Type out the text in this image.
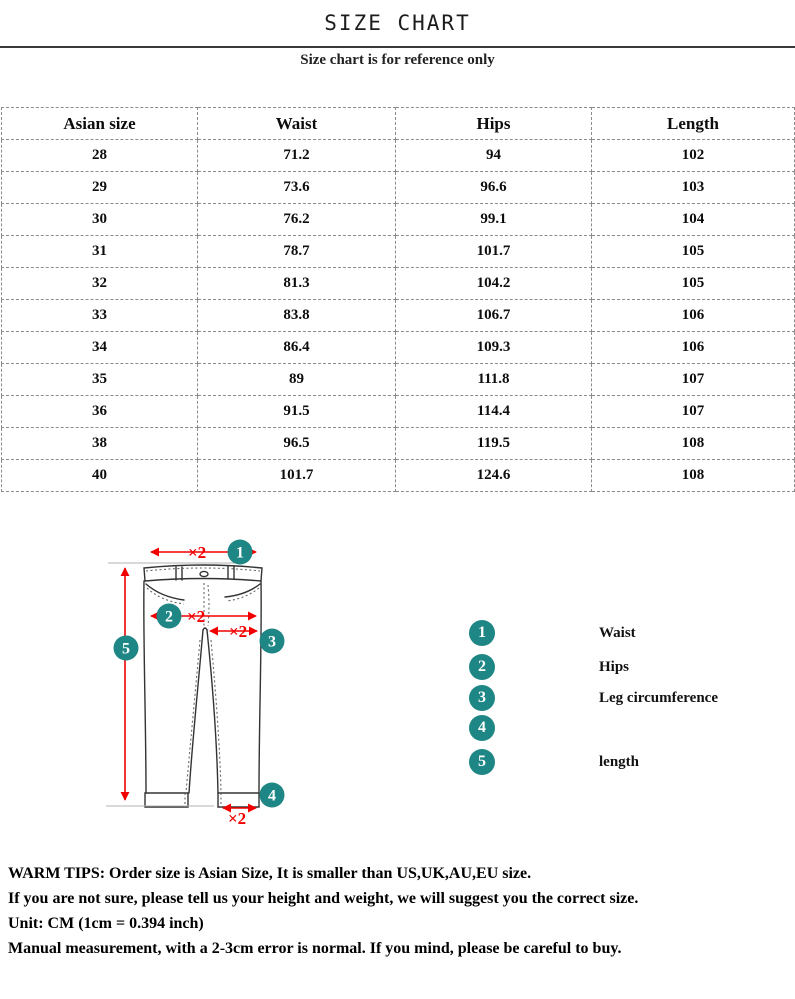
SIZE CHART
Size chart is for reference only
Asian size	Waist	Hips	Length
28	71.2	94	102
29	73.6	96.6	103
30	76.2	99.1	104
31	78.7	101.7	105
32	81.3	104.2	105
33	83.8	106.7	106
34	86.4	109.3	106
35	89	111.8	107
36	91.5	114.4	107
38	96.5	119.5	108
40	101.7	124.6	108
×2
×2
×2
×2
1
2
3
4
5
1	Waist
2	Hips
3	Leg circumference
4
5	length
WARM TIPS: Order size is Asian Size, It is smaller than US,UK,AU,EU size.
If you are not sure, please tell us your height and weight, we will suggest you the correct size.
Unit: CM (1cm = 0.394 inch)
Manual measurement, with a 2-3cm error is normal. If you mind, please be careful to buy.
